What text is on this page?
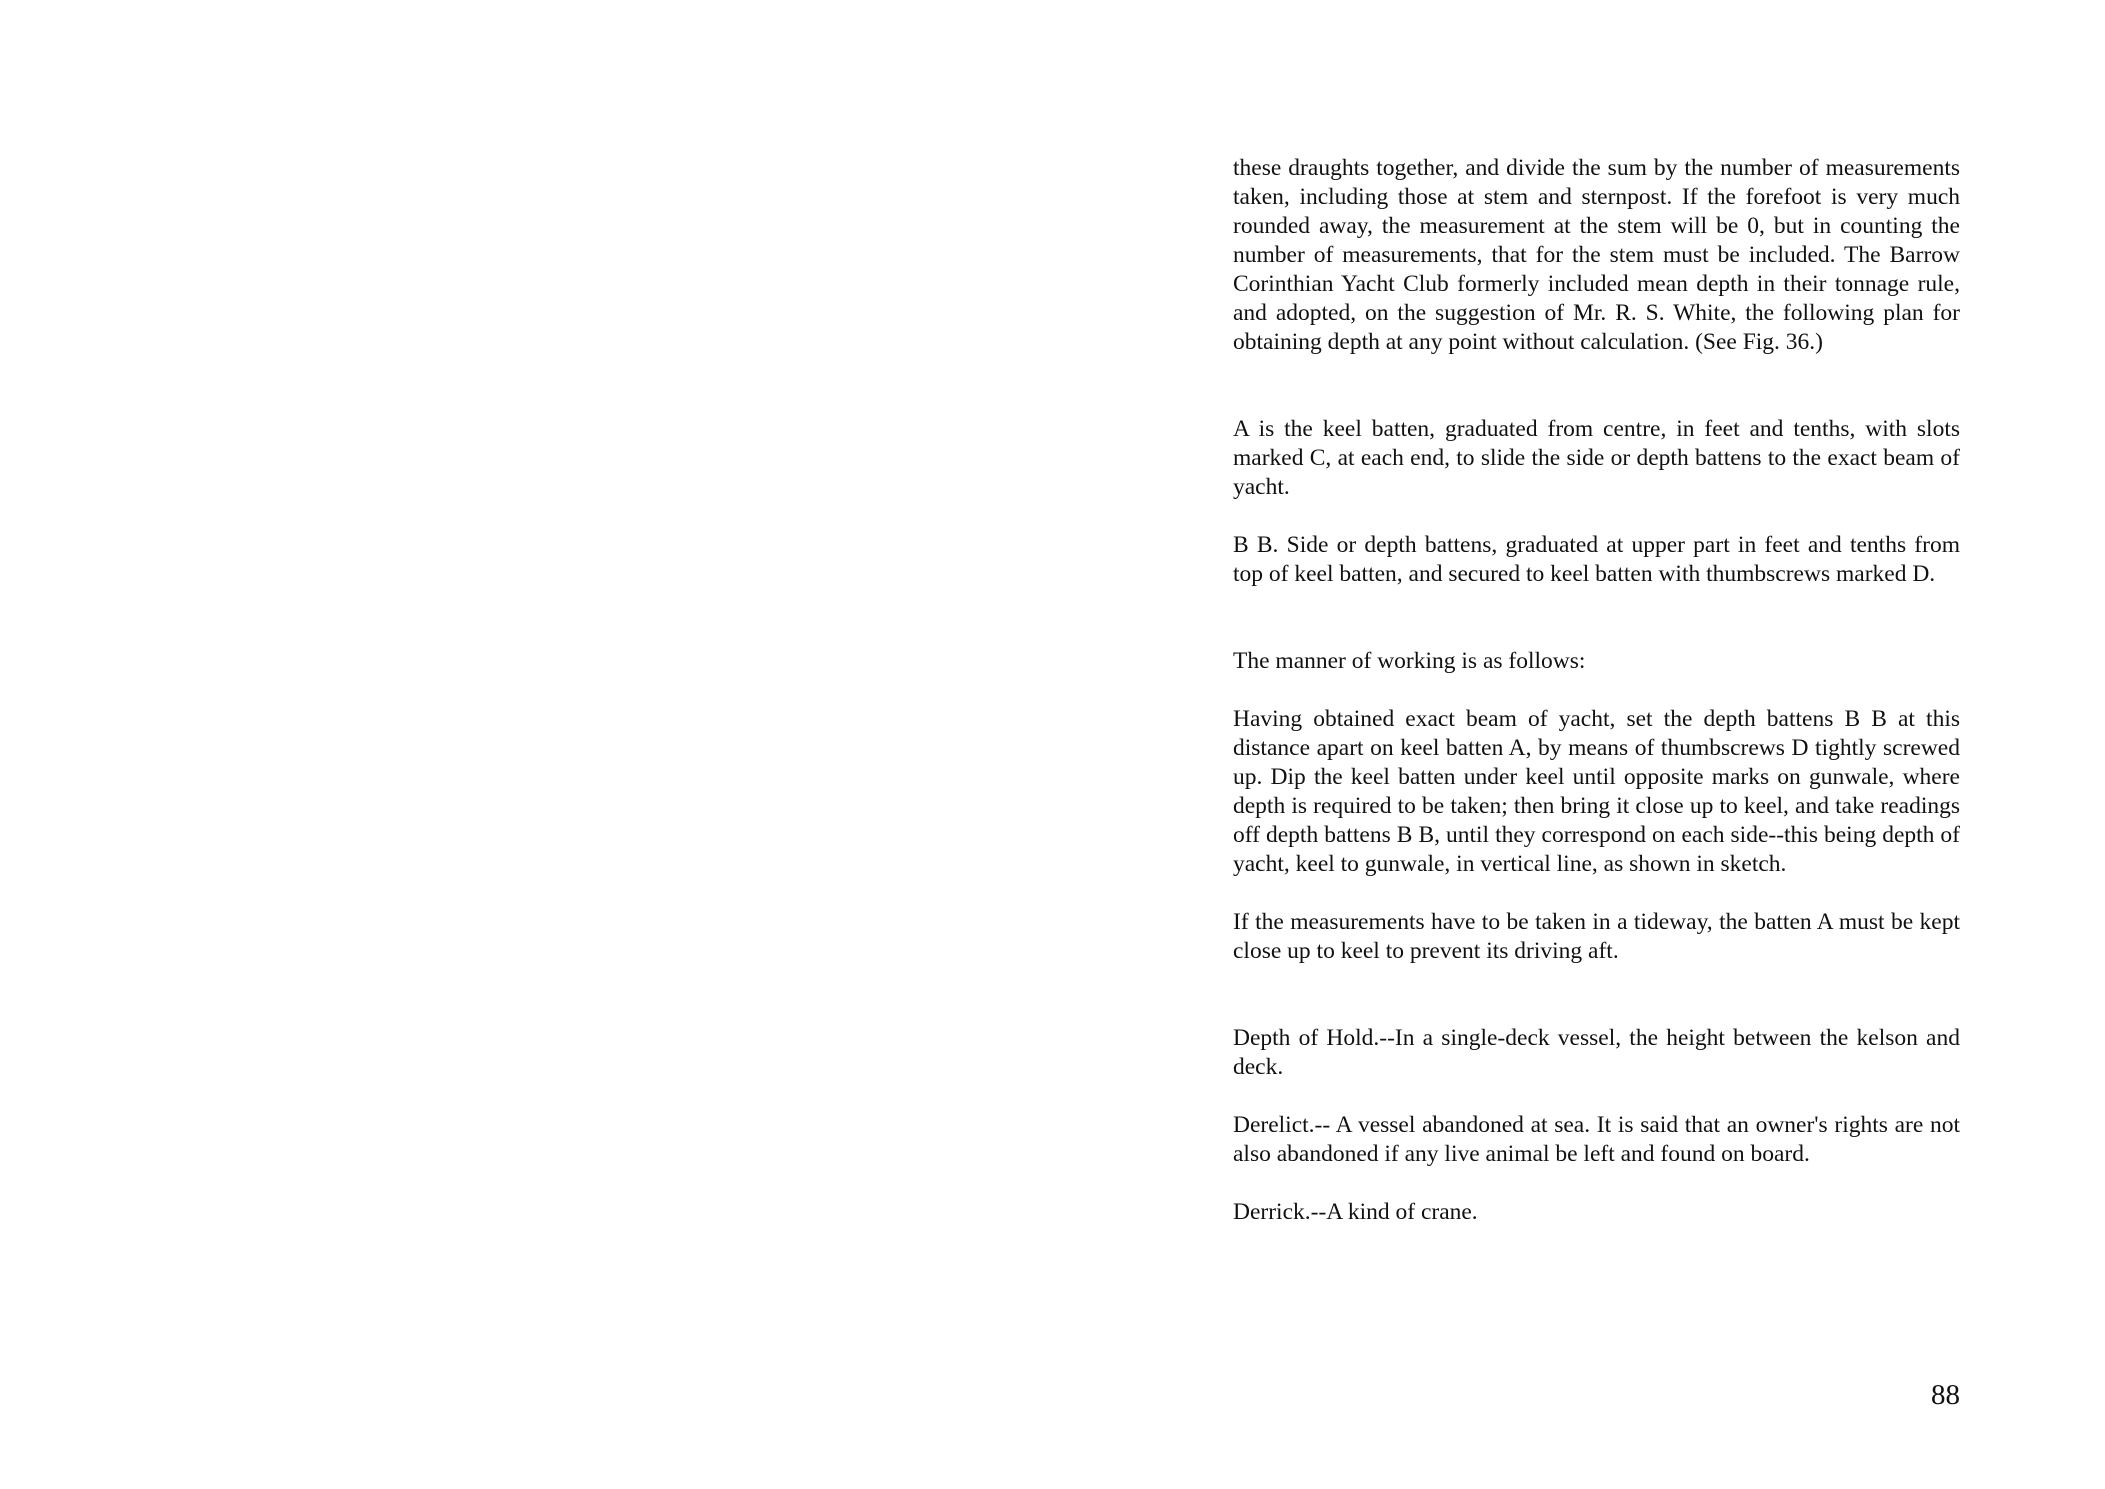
these draughts together, and divide the sum by the number of measurements taken, including those at stem and sternpost. If the forefoot is very much rounded away, the measurement at the stem will be 0, but in counting the number of measurements, that for the stem must be included. The Barrow Corinthian Yacht Club formerly included mean depth in their tonnage rule, and adopted, on the suggestion of Mr. R. S. White, the following plan for obtaining depth at any point without calculation. (See Fig. 36.)

A is the keel batten, graduated from centre, in feet and tenths, with slots marked C, at each end, to slide the side or depth battens to the exact beam of yacht.

B B. Side or depth battens, graduated at upper part in feet and tenths from top of keel batten, and secured to keel batten with thumbscrews marked D.

The manner of working is as follows:

Having obtained exact beam of yacht, set the depth battens B B at this distance apart on keel batten A, by means of thumbscrews D tightly screwed up. Dip the keel batten under keel until opposite marks on gunwale, where depth is required to be taken; then bring it close up to keel, and take readings off depth battens B B, until they correspond on each side--this being depth of yacht, keel to gunwale, in vertical line, as shown in sketch.

If the measurements have to be taken in a tideway, the batten A must be kept close up to keel to prevent its driving aft.

Depth of Hold.--In a single-deck vessel, the height between the kelson and deck.

Derelict.-- A vessel abandoned at sea. It is said that an owner's rights are not also abandoned if any live animal be left and found on board.

Derrick.--A kind of crane.

88
